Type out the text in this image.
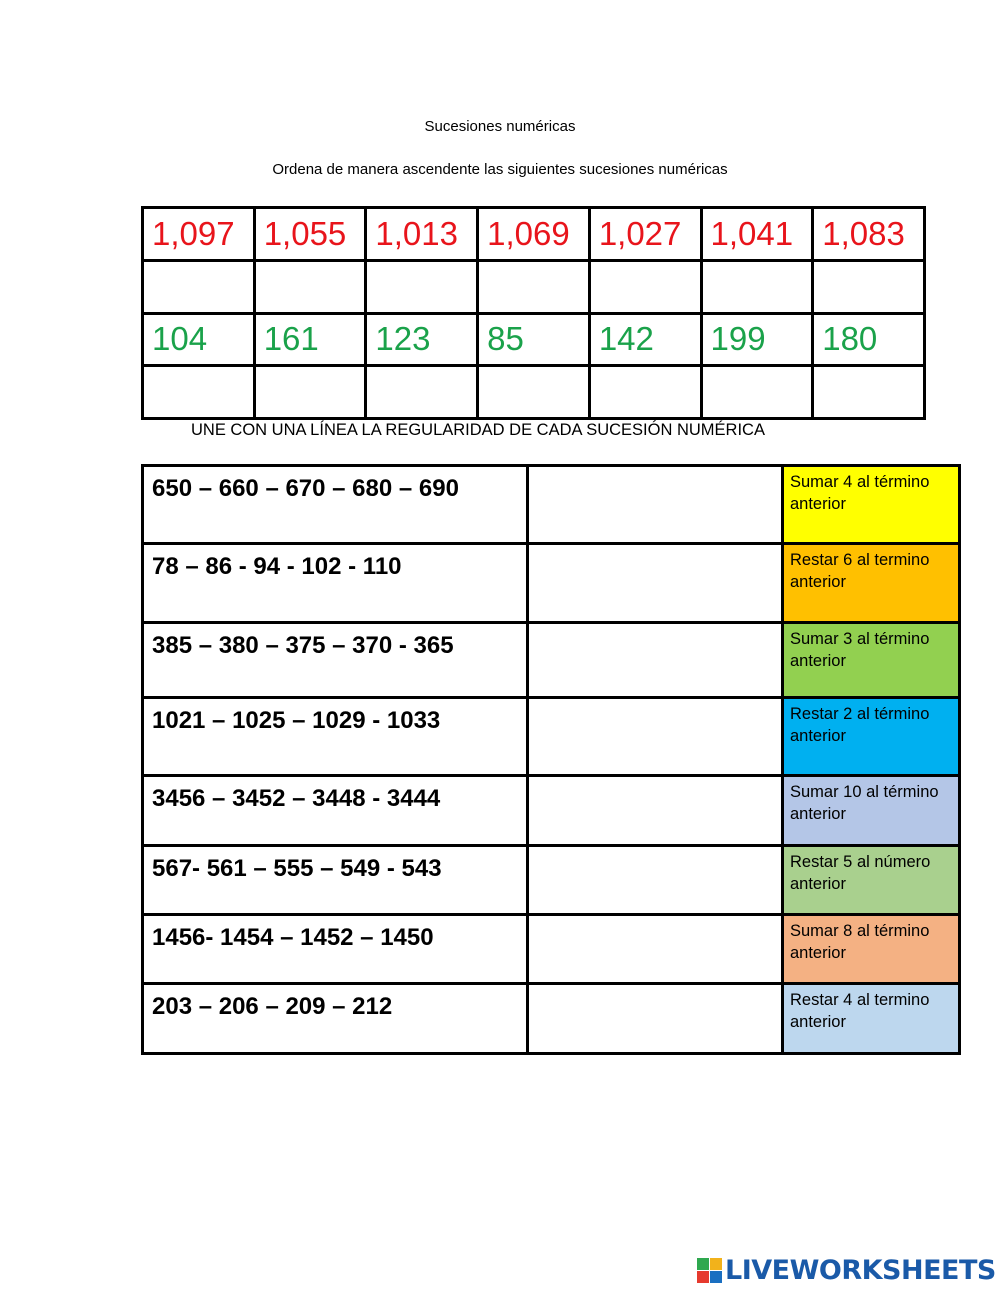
Sucesiones numéricas
Ordena de manera ascendente las siguientes sucesiones numéricas
1,097	1,055	1,013	1,069	1,027	1,041	1,083

104	161	123	85	142	199	180

UNE CON UNA LÍNEA LA REGULARIDAD DE CADA SUCESIÓN NUMÉRICA
650 – 660 – 670 – 680 – 690		Sumar 4 al término anterior
78 – 86 - 94 - 102 - 110		Restar 6 al termino anterior
385 – 380 – 375 – 370 - 365		Sumar 3 al término anterior
1021 – 1025 – 1029 - 1033		Restar 2 al término anterior
3456 – 3452 – 3448 - 3444		Sumar 10 al término anterior
567- 561 – 555 – 549 - 543		Restar 5 al número anterior
1456- 1454 – 1452 – 1450		Sumar 8 al término anterior
203 – 206 – 209 – 212		Restar 4 al termino anterior
LIVEWORKSHEETS
